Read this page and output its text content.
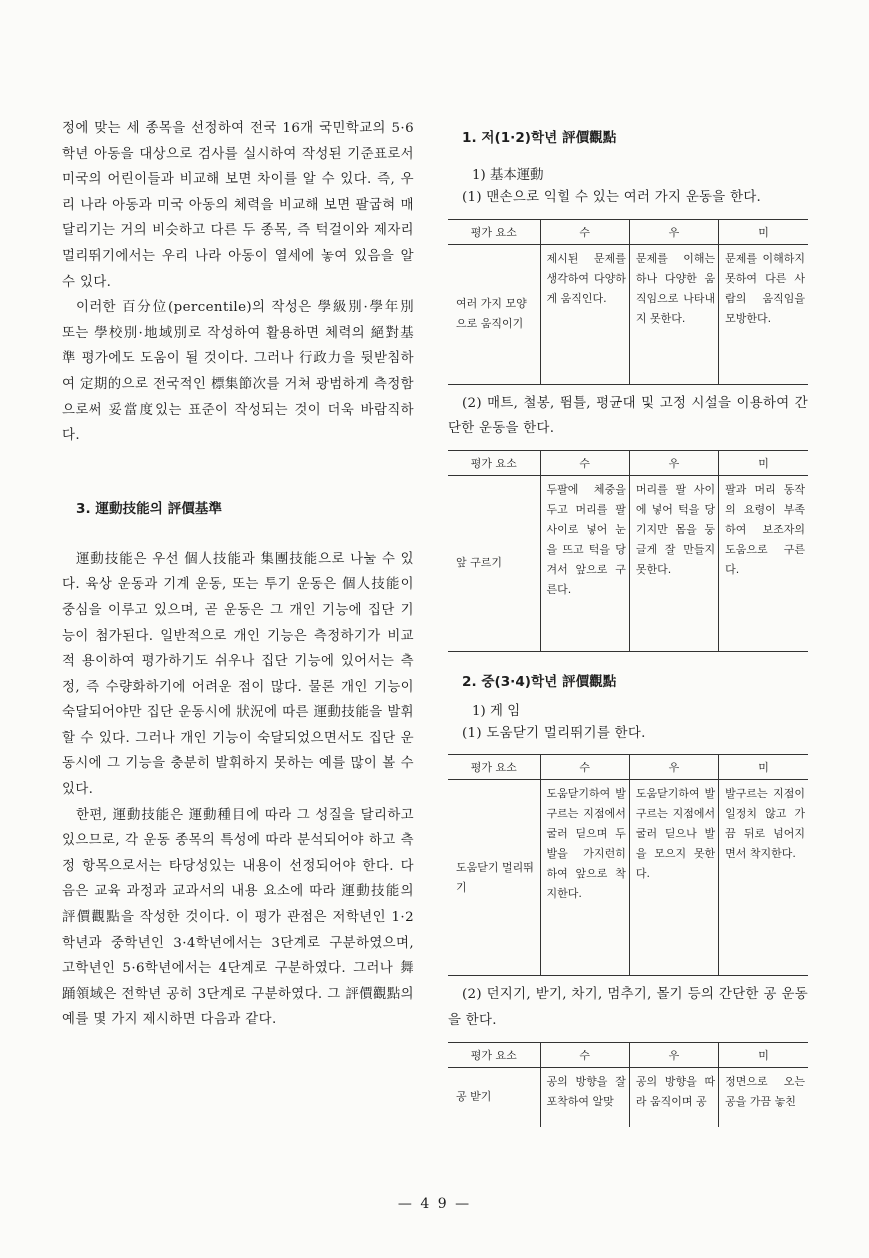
정에 맞는 세 종목을 선정하여 전국 16개 국민학교의 5·6학년 아동을 대상으로 검사를 실시하여 작성된 기준표로서 미국의 어린이들과 비교해 보면 차이를 알 수 있다. 즉, 우리 나라 아동과 미국 아동의 체력을 비교해 보면 팔굽혀 매달리기는 거의 비슷하고 다른 두 종목, 즉 턱걸이와 제자리 멀리뛰기에서는 우리 나라 아동이 열세에 놓여 있음을 알 수 있다.

이러한 百分位(percentile)의 작성은 學級別·學年別 또는 學校別·地域別로 작성하여 활용하면 체력의 絕對基準 평가에도 도움이 될 것이다. 그러나 行政力을 뒷받침하여 定期的으로 전국적인 標集節次를 거쳐 광범하게 측정함으로써 妥當度있는 표준이 작성되는 것이 더욱 바람직하다.

3. 運動技能의 評價基準

運動技能은 우선 個人技能과 集團技能으로 나눌 수 있다. 육상 운동과 기계 운동, 또는 투기 운동은 個人技能이 중심을 이루고 있으며, 곧 운동은 그 개인 기능에 집단 기능이 첨가된다. 일반적으로 개인 기능은 측정하기가 비교적 용이하여 평가하기도 쉬우나 집단 기능에 있어서는 측정, 즉 수량화하기에 어려운 점이 많다. 물론 개인 기능이 숙달되어야만 집단 운동시에 狀況에 따른 運動技能을 발휘할 수 있다. 그러나 개인 기능이 숙달되었으면서도 집단 운동시에 그 기능을 충분히 발휘하지 못하는 예를 많이 볼 수 있다.

한편, 運動技能은 運動種目에 따라 그 성질을 달리하고 있으므로, 각 운동 종목의 특성에 따라 분석되어야 하고 측정 항목으로서는 타당성있는 내용이 선정되어야 한다. 다음은 교육 과정과 교과서의 내용 요소에 따라 運動技能의 評價觀點을 작성한 것이다. 이 평가 관점은 저학년인 1·2학년과 중학년인 3·4학년에서는 3단계로 구분하였으며, 고학년인 5·6학년에서는 4단계로 구분하였다. 그러나 舞踊領域은 전학년 공히 3단계로 구분하였다. 그 評價觀點의 예를 몇 가지 제시하면 다음과 같다.

1. 저(1·2)학년 評價觀點

1) 基本運動

(1) 맨손으로 익힐 수 있는 여러 가지 운동을 한다.

평가 요소	수	우	미
여러 가지 모양으로 움직이기	제시된 문제를 생각하여 다양하게 움직인다.	문제를 이해는 하나 다양한 움직임으로 나타내지 못한다.	문제를 이해하지 못하여 다른 사람의 움직임을 모방한다.

(2) 매트, 철봉, 뜀틀, 평균대 및 고정 시설을 이용하여 간단한 운동을 한다.

평가 요소	수	우	미
앞 구르기	두팔에 체중을 두고 머리를 팔 사이로 넣어 눈을 뜨고 턱을 당겨서 앞으로 구른다.	머리를 팔 사이에 넣어 턱을 당기지만 몸을 둥글게 잘 만들지 못한다.	팔과 머리 동작의 요령이 부족하여 보조자의 도움으로 구른다.

2. 중(3·4)학년 評價觀點

1) 게 임

(1) 도움닫기 멀리뛰기를 한다.

평가 요소	수	우	미
도움닫기 멀리뛰기	도움닫기하여 발 구르는 지점에서 굴러 딛으며 두발을 가지런히 하여 앞으로 착지한다.	도움닫기하여 발 구르는 지점에서 굴러 딛으나 발을 모으지 못한다.	발구르는 지점이 일정치 않고 가끔 뒤로 넘어지면서 착지한다.

(2) 던지기, 받기, 차기, 멈추기, 몰기 등의 간단한 공 운동을 한다.

평가 요소	수	우	미
공 받기	공의 방향을 잘 포착하여 알맞	공의 방향을 따라 움직이며 공	정면으로 오는 공을 가끔 놓친
— 4 9 —
